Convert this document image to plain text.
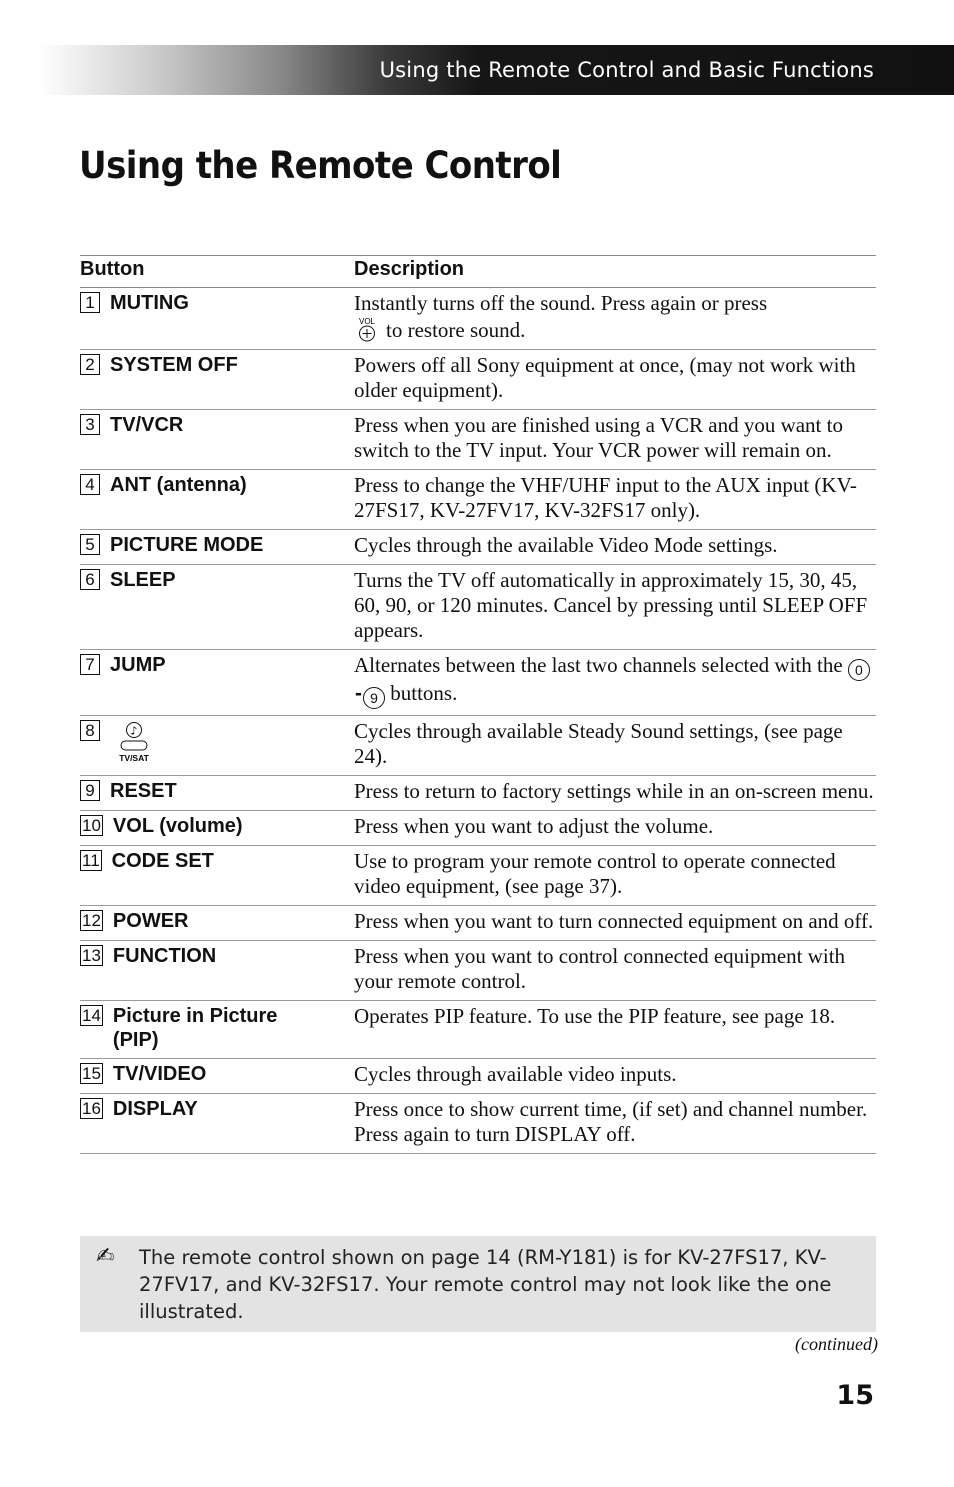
Using the Remote Control and Basic Functions
Using the Remote Control
Button	Description
1 MUTING	Instantly turns off the sound. Press again or press

VOL to restore sound.
2 SYSTEM OFF	Powers off all Sony equipment at once, (may not work with older equipment).
3 TV/VCR	Press when you are finished using a VCR and you want to switch to the TV input. Your VCR power will remain on.
4 ANT (antenna)	Press to change the VHF/UHF input to the AUX input (KV-27FS17, KV-27FV17, KV-32FS17 only).
5 PICTURE MODE	Cycles through the available Video Mode settings.
6 SLEEP	Turns the TV off automatically in approximately 15, 30, 45, 60, 90, or 120 minutes. Cancel by pressing until SLEEP OFF appears.
7 JUMP	Alternates between the last two channels selected with the 0- 9 buttons.
8 ♪
TV/SAT	Cycles through available Steady Sound settings, (see page 24).
9 RESET	Press to return to factory settings while in an on-screen menu.
10 VOL (volume)	Press when you want to adjust the volume.
11 CODE SET	Use to program your remote control to operate connected video equipment, (see page 37).
12 POWER	Press when you want to turn connected equipment on and off.
13 FUNCTION	Press when you want to control connected equipment with your remote control.
14 Picture in Picture (PIP)	Operates PIP feature. To use the PIP feature, see page 18.
15 TV/VIDEO	Cycles through available video inputs.
16 DISPLAY	Press once to show current time, (if set) and channel number. Press again to turn DISPLAY off.
✍ The remote control shown on page 14 (RM-Y181) is for KV-27FS17, KV-27FV17, and KV-32FS17. Your remote control may not look like the one illustrated.
(continued)
15
